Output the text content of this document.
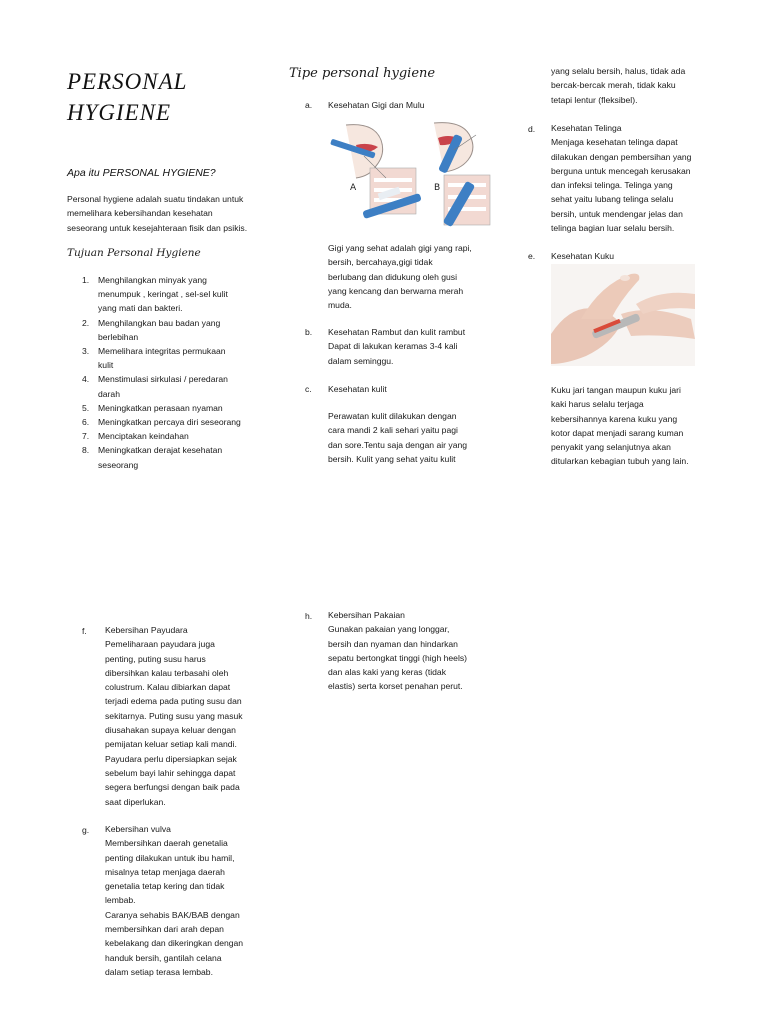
PERSONAL
HYGIENE
Apa itu PERSONAL HYGIENE?
Personal hygiene adalah suatu tindakan untuk
memelihara kebersihandan kesehatan
seseorang untuk kesejahteraan fisik dan psikis.
Tujuan Personal Hygiene
1. Menghilangkan minyak yang
menumpuk , keringat , sel-sel kulit
yang mati dan bakteri.
2. Menghilangkan bau badan yang
berlebihan
3. Memelihara integritas permukaan
kulit
4. Menstimulasi sirkulasi / peredaran
darah
5. Meningkatkan perasaan nyaman
6. Meningkatkan percaya diri seseorang
7. Menciptakan keindahan
8. Meningkatkan derajat kesehatan
seseorang
Tipe personal hygiene
a. Kesehatan Gigi dan Mulu
A	B
Gigi yang sehat adalah gigi yang rapi,
bersih, bercahaya,gigi tidak
berlubang dan didukung oleh gusi
yang kencang dan berwarna merah
muda.
b. Kesehatan Rambut dan kulit rambut
Dapat di lakukan keramas 3-4 kali
dalam seminggu.
c. Kesehatan kulit
Perawatan kulit dilakukan dengan
cara mandi 2 kali sehari yaitu pagi
dan sore.Tentu saja dengan air yang
bersih. Kulit yang sehat yaitu kulit
yang selalu bersih, halus, tidak ada
bercak-bercak merah, tidak kaku
tetapi lentur (fleksibel).
d. Kesehatan Telinga
Menjaga kesehatan telinga dapat
dilakukan dengan pembersihan yang
berguna untuk mencegah kerusakan
dan infeksi telinga. Telinga yang
sehat yaitu lubang telinga selalu
bersih, untuk mendengar jelas dan
telinga bagian luar selalu bersih.
e. Kesehatan Kuku
Kuku jari tangan maupun kuku jari
kaki harus selalu terjaga
kebersihannya karena kuku yang
kotor dapat menjadi sarang kuman
penyakit yang selanjutnya akan
ditularkan kebagian tubuh yang lain.
f. Kebersihan Payudara
Pemeliharaan payudara juga
penting, puting susu harus
dibersihkan kalau terbasahi oleh
colustrum. Kalau dibiarkan dapat
terjadi edema pada puting susu dan
sekitarnya. Puting susu yang masuk
diusahakan supaya keluar dengan
pemijatan keluar setiap kali mandi.
Payudara perlu dipersiapkan sejak
sebelum bayi lahir sehingga dapat
segera berfungsi dengan baik pada
saat diperlukan.
g. Kebersihan vulva
Membersihkan daerah genetalia
penting dilakukan untuk ibu hamil,
misalnya tetap menjaga daerah
genetalia tetap kering dan tidak
lembab.
Caranya sehabis BAK/BAB dengan
membersihkan dari arah depan
kebelakang dan dikeringkan dengan
handuk bersih, gantilah celana
dalam setiap terasa lembab.
h. Kebersihan Pakaian
Gunakan pakaian yang longgar,
bersih dan nyaman dan hindarkan
sepatu bertongkat tinggi (high heels)
dan alas kaki yang keras (tidak
elastis) serta korset penahan perut.
